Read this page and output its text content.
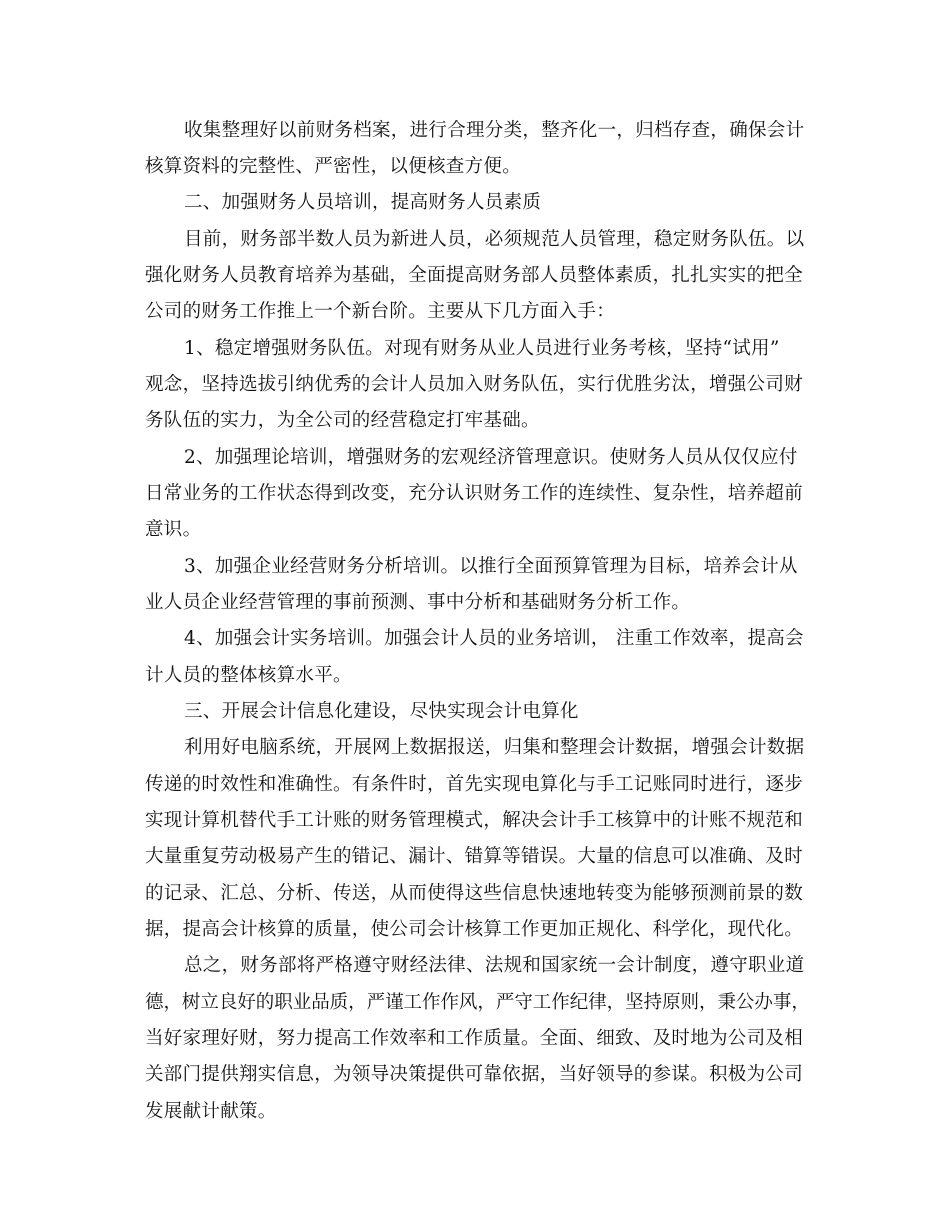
收集整理好以前财务档案，进行合理分类，整齐化一，归档存查，确保会计

核算资料的完整性、严密性，以便核查方便。

二、加强财务人员培训，提高财务人员素质

目前，财务部半数人员为新进人员，必须规范人员管理，稳定财务队伍。以

强化财务人员教育培养为基础，全面提高财务部人员整体素质，扎扎实实的把全

公司的财务工作推上一个新台阶。主要从下几方面入手：

1、稳定增强财务队伍。对现有财务从业人员进行业务考核，坚持“试用”

观念，坚持选拔引纳优秀的会计人员加入财务队伍，实行优胜劣汰，增强公司财

务队伍的实力，为全公司的经营稳定打牢基础。

2、加强理论培训，增强财务的宏观经济管理意识。使财务人员从仅仅应付

日常业务的工作状态得到改变，充分认识财务工作的连续性、复杂性，培养超前

意识。

3、加强企业经营财务分析培训。以推行全面预算管理为目标，培养会计从

业人员企业经营管理的事前预测、事中分析和基础财务分析工作。

4、加强会计实务培训。加强会计人员的业务培训， 注重工作效率，提高会

计人员的整体核算水平。

三、开展会计信息化建设，尽快实现会计电算化

利用好电脑系统，开展网上数据报送，归集和整理会计数据，增强会计数据

传递的时效性和准确性。有条件时，首先实现电算化与手工记账同时进行，逐步

实现计算机替代手工计账的财务管理模式，解决会计手工核算中的计账不规范和

大量重复劳动极易产生的错记、漏计、错算等错误。大量的信息可以准确、及时

的记录、汇总、分析、传送，从而使得这些信息快速地转变为能够预测前景的数

据，提高会计核算的质量，使公司会计核算工作更加正规化、科学化，现代化。

总之，财务部将严格遵守财经法律、法规和国家统一会计制度，遵守职业道

德，树立良好的职业品质，严谨工作作风，严守工作纪律，坚持原则，秉公办事，

当好家理好财，努力提高工作效率和工作质量。全面、细致、及时地为公司及相

关部门提供翔实信息，为领导决策提供可靠依据，当好领导的参谋。积极为公司

发展献计献策。
